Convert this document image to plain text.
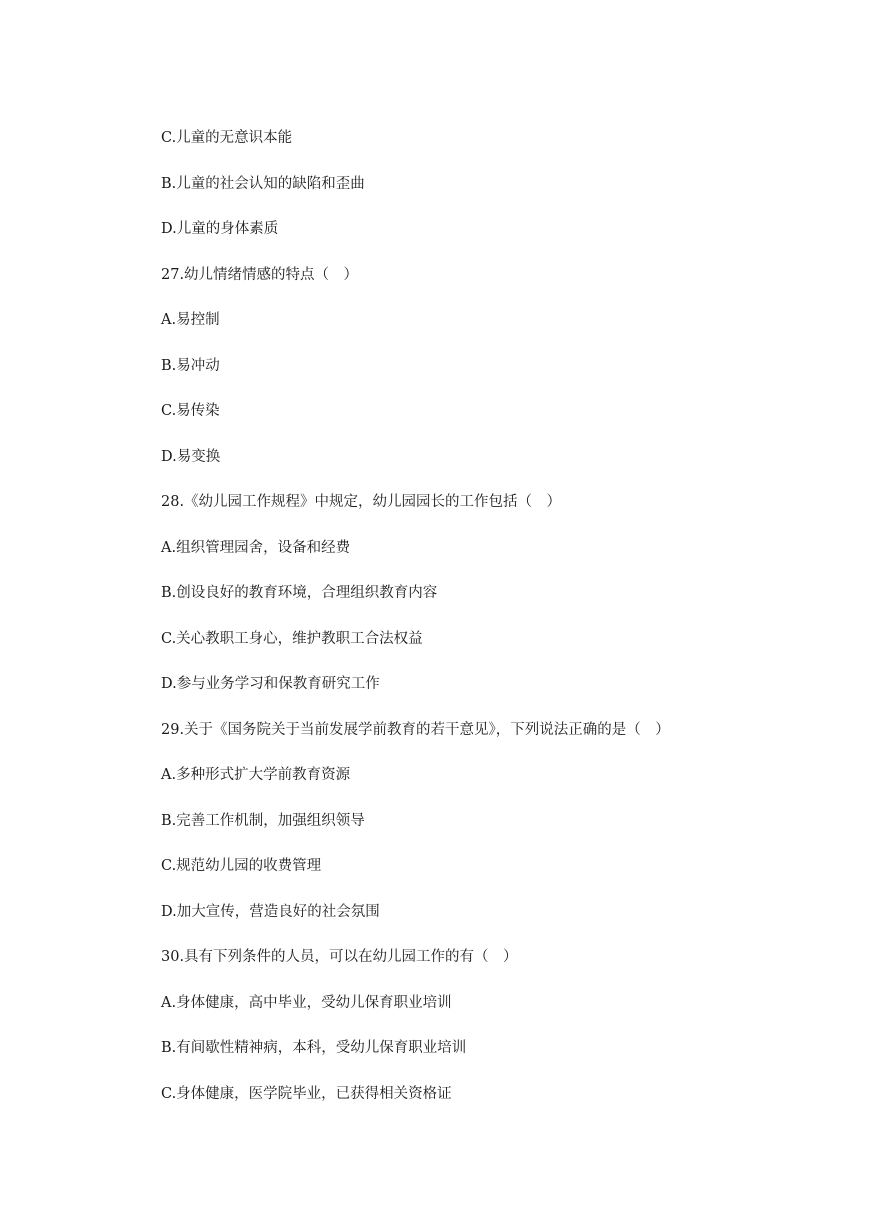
C.儿童的无意识本能
B.儿童的社会认知的缺陷和歪曲
D.儿童的身体素质
27.幼儿情绪情感的特点（　）
A.易控制
B.易冲动
C.易传染
D.易变换
28.《幼儿园工作规程》中规定，幼儿园园长的工作包括（　）
A.组织管理园舍，设备和经费
B.创设良好的教育环境，合理组织教育内容
C.关心教职工身心，维护教职工合法权益
D.参与业务学习和保教育研究工作
29.关于《国务院关于当前发展学前教育的若干意见》，下列说法正确的是（　）
A.多种形式扩大学前教育资源
B.完善工作机制，加强组织领导
C.规范幼儿园的收费管理
D.加大宣传，营造良好的社会氛围
30.具有下列条件的人员，可以在幼儿园工作的有（　）
A.身体健康，高中毕业，受幼儿保育职业培训
B.有间歇性精神病，本科，受幼儿保育职业培训
C.身体健康，医学院毕业，已获得相关资格证
